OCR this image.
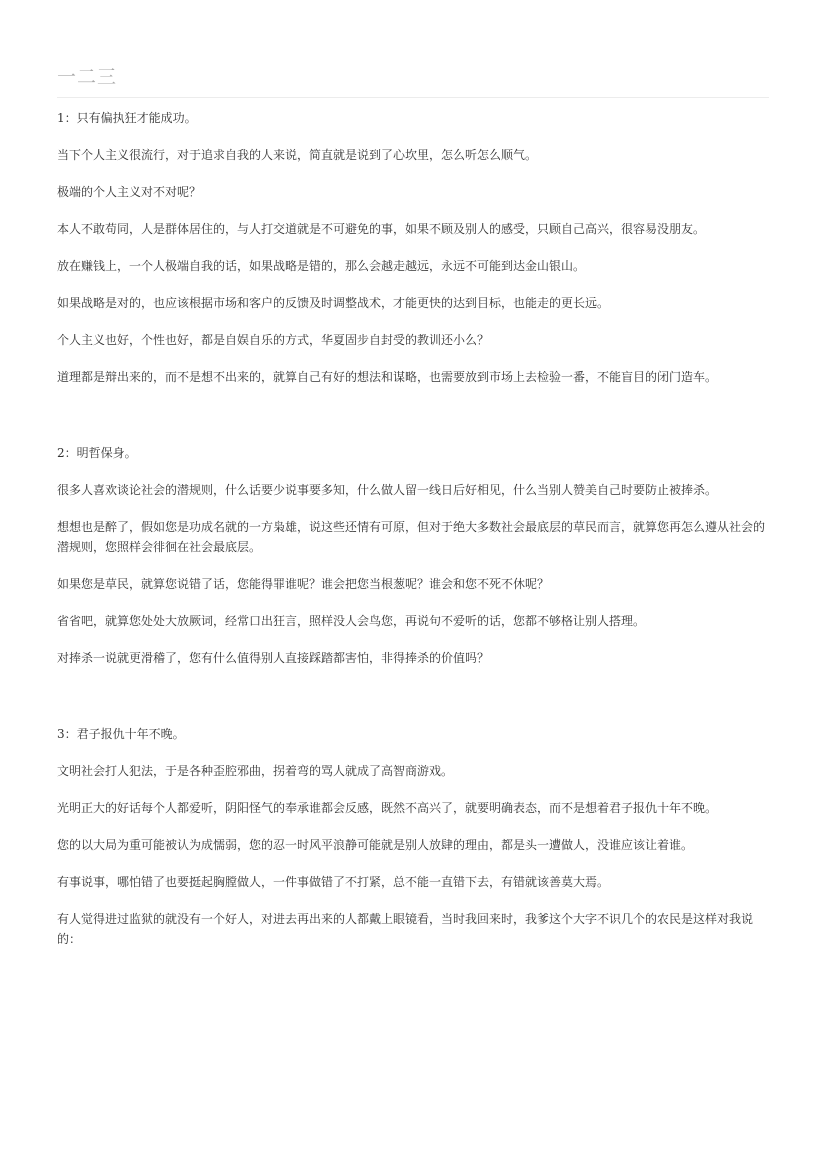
一二三

1：只有偏执狂才能成功。

当下个人主义很流行，对于追求自我的人来说，简直就是说到了心坎里，怎么听怎么顺气。

极端的个人主义对不对呢？

本人不敢苟同，人是群体居住的，与人打交道就是不可避免的事，如果不顾及别人的感受，只顾自己高兴，很容易没朋友。

放在赚钱上，一个人极端自我的话，如果战略是错的，那么会越走越远，永远不可能到达金山银山。

如果战略是对的，也应该根据市场和客户的反馈及时调整战术，才能更快的达到目标，也能走的更长远。

个人主义也好，个性也好，都是自娱自乐的方式，华夏固步自封受的教训还小么？

道理都是辩出来的，而不是想不出来的，就算自己有好的想法和谋略，也需要放到市场上去检验一番，不能盲目的闭门造车。

2：明哲保身。

很多人喜欢谈论社会的潜规则，什么话要少说事要多知，什么做人留一线日后好相见，什么当别人赞美自己时要防止被捧杀。

想想也是醉了，假如您是功成名就的一方枭雄，说这些还情有可原，但对于绝大多数社会最底层的草民而言，就算您再怎么遵从社会的潜规则，您照样会徘徊在社会最底层。

如果您是草民，就算您说错了话，您能得罪谁呢？谁会把您当根葱呢？谁会和您不死不休呢？

省省吧，就算您处处大放厥词，经常口出狂言，照样没人会鸟您，再说句不爱听的话，您都不够格让别人搭理。

对捧杀一说就更滑稽了，您有什么值得别人直接踩踏都害怕，非得捧杀的价值吗？

3：君子报仇十年不晚。

文明社会打人犯法，于是各种歪腔邪曲，拐着弯的骂人就成了高智商游戏。

光明正大的好话每个人都爱听，阴阳怪气的奉承谁都会反感，既然不高兴了，就要明确表态，而不是想着君子报仇十年不晚。

您的以大局为重可能被认为成懦弱，您的忍一时风平浪静可能就是别人放肆的理由，都是头一遭做人，没谁应该让着谁。

有事说事，哪怕错了也要挺起胸膛做人，一件事做错了不打紧，总不能一直错下去，有错就该善莫大焉。

有人觉得进过监狱的就没有一个好人，对进去再出来的人都戴上眼镜看，当时我回来时，我爹这个大字不识几个的农民是这样对我说的：
